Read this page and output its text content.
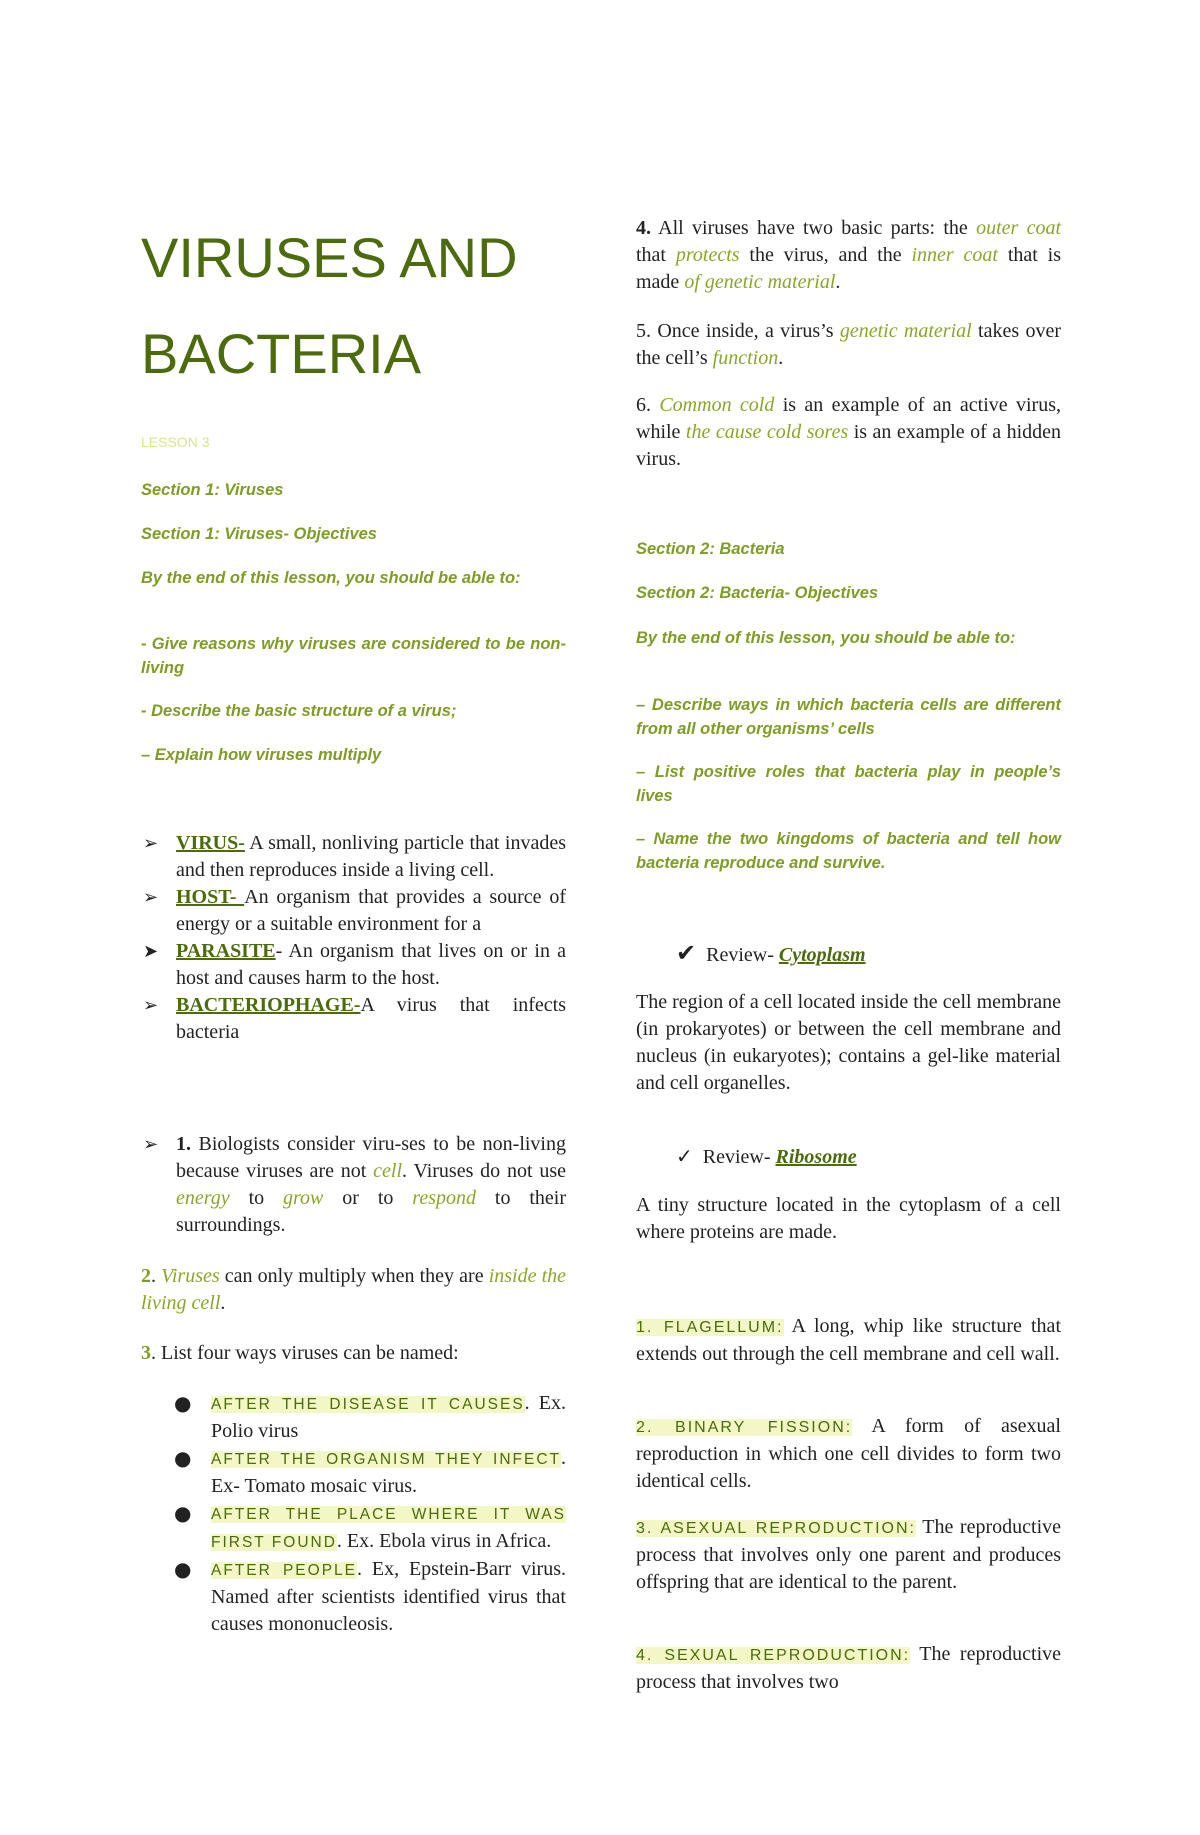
VIRUSES AND
BACTERIA

LESSON 3

Section 1: Viruses

Section 1: Viruses- Objectives

By the end of this lesson, you should be able to:

- Give reasons why viruses are considered to be non-living

- Describe the basic structure of a virus;

– Explain how viruses multiply

➢ VIRUS- A small, nonliving particle that invades and then reproduces inside a living cell.
➢ HOST- An organism that provides a source of energy or a suitable environment for a
➤ PARASITE- An organism that lives on or in a host and causes harm to the host.
➢ BACTERIOPHAGE-A virus that infects bacteria
➢ 1. Biologists consider viru-ses to be non-living because viruses are not cell. Viruses do not use energy to grow or to respond to their surroundings.

2. Viruses can only multiply when they are inside the living cell.

3. List four ways viruses can be named:

● AFTER THE DISEASE IT CAUSES. Ex. Polio virus
● AFTER THE ORGANISM THEY INFECT. Ex- Tomato mosaic virus.
● AFTER THE PLACE WHERE IT WAS FIRST FOUND. Ex. Ebola virus in Africa.
● AFTER PEOPLE. Ex, Epstein-Barr virus. Named after scientists identified virus that causes mononucleosis.

4. All viruses have two basic parts: the outer coat that protects the virus, and the inner coat that is made of genetic material.

5. Once inside, a virus’s genetic material takes over the cell’s function.

6. Common cold is an example of an active virus, while the cause cold sores is an example of a hidden virus.

Section 2: Bacteria

Section 2: Bacteria- Objectives

By the end of this lesson, you should be able to:

– Describe ways in which bacteria cells are different from all other organisms’ cells

– List positive roles that bacteria play in people’s lives

– Name the two kingdoms of bacteria and tell how bacteria reproduce and survive.

✔ Review- Cytoplasm

The region of a cell located inside the cell membrane (in prokaryotes) or between the cell membrane and nucleus (in eukaryotes); contains a gel-like material and cell organelles.

✓ Review- Ribosome

A tiny structure located in the cytoplasm of a cell where proteins are made.

1. FLAGELLUM: A long, whip like structure that extends out through the cell membrane and cell wall.

2. BINARY FISSION: A form of asexual reproduction in which one cell divides to form two identical cells.

3. ASEXUAL REPRODUCTION: The reproductive process that involves only one parent and produces offspring that are identical to the parent.

4. SEXUAL REPRODUCTION: The reproductive process that involves two
